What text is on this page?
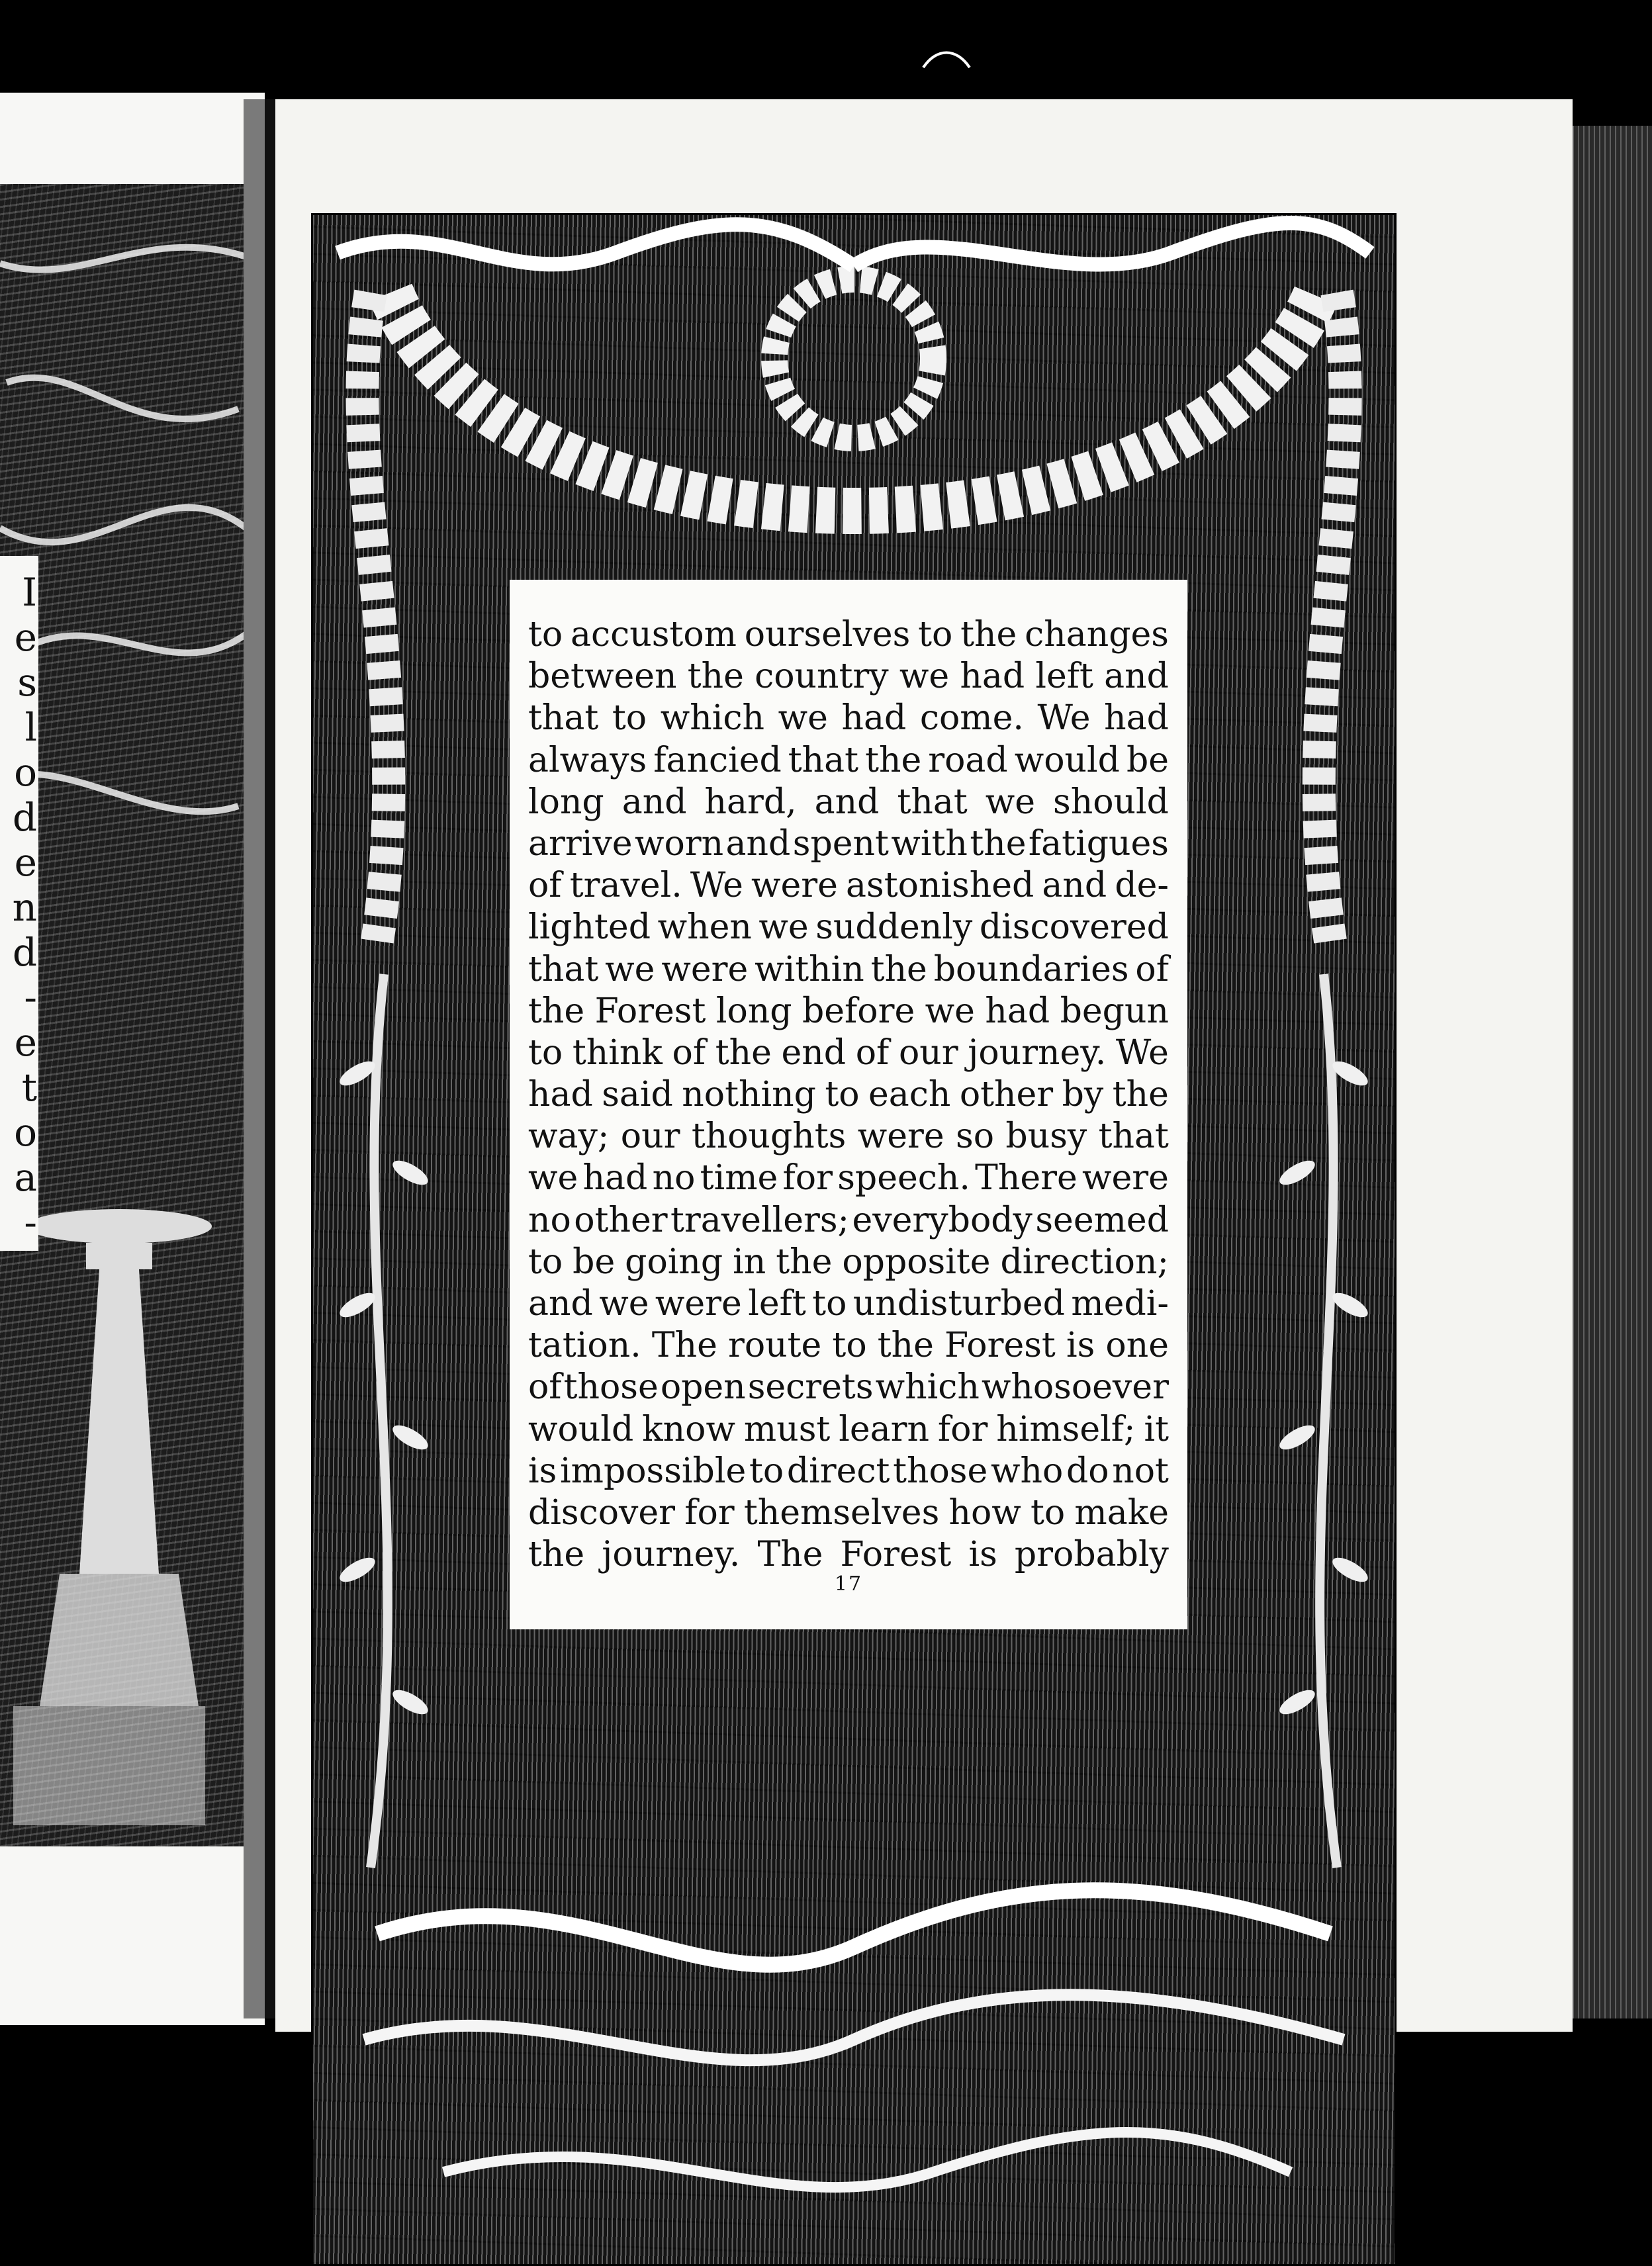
I
e
s
l
o
d
e
n
d
-
e
t
o
a
-
to accustom ourselves to the changes
between the country we had left and
that to which we had come. We had
always fancied that the road would be
long and hard, and that we should
arrive worn and spent with the fatigues
of travel. We were astonished and de-
lighted when we suddenly discovered
that we were within the boundaries of
the Forest long before we had begun
to think of the end of our journey. We
had said nothing to each other by the
way; our thoughts were so busy that
we had no time for speech. There were
no other travellers; everybody seemed
to be going in the opposite direction;
and we were left to undisturbed medi-
tation. The route to the Forest is one
of those open secrets which whosoever
would know must learn for himself; it
is impossible to direct those who do not
discover for themselves how to make
the journey. The Forest is probably
17
